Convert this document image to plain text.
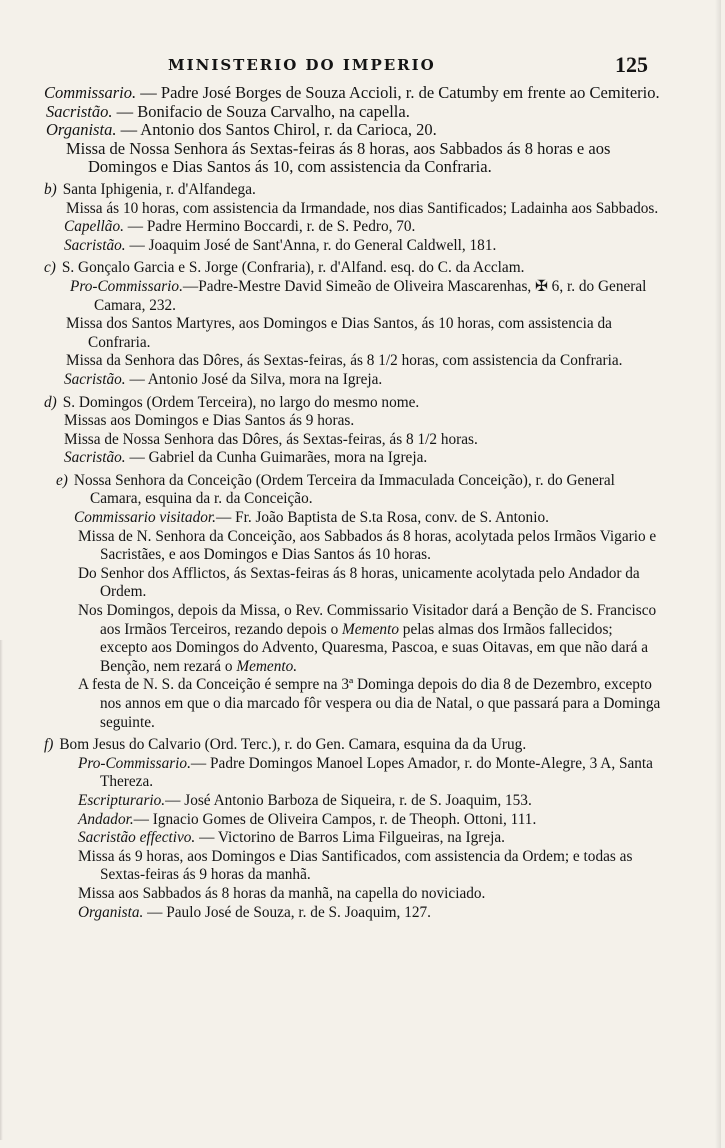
MINISTERIO DO IMPERIO	125

Commissario. — Padre José Borges de Souza Accioli, r. de Catumby em frente ao Cemiterio.

Sacristão. — Bonifacio de Souza Carvalho, na capella.

Organista. — Antonio dos Santos Chirol, r. da Carioca, 20.

Missa de Nossa Senhora ás Sextas-feiras ás 8 horas, aos Sabbados ás 8 horas e aos Domingos e Dias Santos ás 10, com assistencia da Confraria.

b) Santa Iphigenia, r. d'Alfandega.

Missa ás 10 horas, com assistencia da Irmandade, nos dias Santificados; Ladainha aos Sabbados.

Capellão. — Padre Hermino Boccardi, r. de S. Pedro, 70.

Sacristão. — Joaquim José de Sant'Anna, r. do General Caldwell, 181.

c) S. Gonçalo Garcia e S. Jorge (Confraria), r. d'Alfand. esq. do C. da Acclam.

Pro-Commissario.—Padre-Mestre David Simeão de Oliveira Mascarenhas, ✠ 6, r. do General Camara, 232.

Missa dos Santos Martyres, aos Domingos e Dias Santos, ás 10 horas, com assistencia da Confraria.

Missa da Senhora das Dôres, ás Sextas-feiras, ás 8 1/2 horas, com assistencia da Confraria.

Sacristão. — Antonio José da Silva, mora na Igreja.

d) S. Domingos (Ordem Terceira), no largo do mesmo nome.

Missas aos Domingos e Dias Santos ás 9 horas.

Missa de Nossa Senhora das Dôres, ás Sextas-feiras, ás 8 1/2 horas.

Sacristão. — Gabriel da Cunha Guimarães, mora na Igreja.

e) Nossa Senhora da Conceição (Ordem Terceira da Immaculada Conceição), r. do General Camara, esquina da r. da Conceição.

Commissario visitador.— Fr. João Baptista de S.ta Rosa, conv. de S. Antonio.

Missa de N. Senhora da Conceição, aos Sabbados ás 8 horas, acolytada pelos Irmãos Vigario e Sacristães, e aos Domingos e Dias Santos ás 10 horas.

Do Senhor dos Afflictos, ás Sextas-feiras ás 8 horas, unicamente acolytada pelo Andador da Ordem.

Nos Domingos, depois da Missa, o Rev. Commissario Visitador dará a Benção de S. Francisco aos Irmãos Terceiros, rezando depois o Memento pelas almas dos Irmãos fallecidos; excepto aos Domingos do Advento, Quaresma, Pascoa, e suas Oitavas, em que não dará a Benção, nem rezará o Memento.

A festa de N. S. da Conceição é sempre na 3ª Dominga depois do dia 8 de Dezembro, excepto nos annos em que o dia marcado fôr vespera ou dia de Natal, o que passará para a Dominga seguinte.

f) Bom Jesus do Calvario (Ord. Terc.), r. do Gen. Camara, esquina da da Urug.

Pro-Commissario.— Padre Domingos Manoel Lopes Amador, r. do Monte-Alegre, 3 A, Santa Thereza.

Escripturario.— José Antonio Barboza de Siqueira, r. de S. Joaquim, 153.

Andador.— Ignacio Gomes de Oliveira Campos, r. de Theoph. Ottoni, 111.

Sacristão effectivo. — Victorino de Barros Lima Filgueiras, na Igreja.

Missa ás 9 horas, aos Domingos e Dias Santificados, com assistencia da Ordem; e todas as Sextas-feiras ás 9 horas da manhã.

Missa aos Sabbados ás 8 horas da manhã, na capella do noviciado.

Organista. — Paulo José de Souza, r. de S. Joaquim, 127.
